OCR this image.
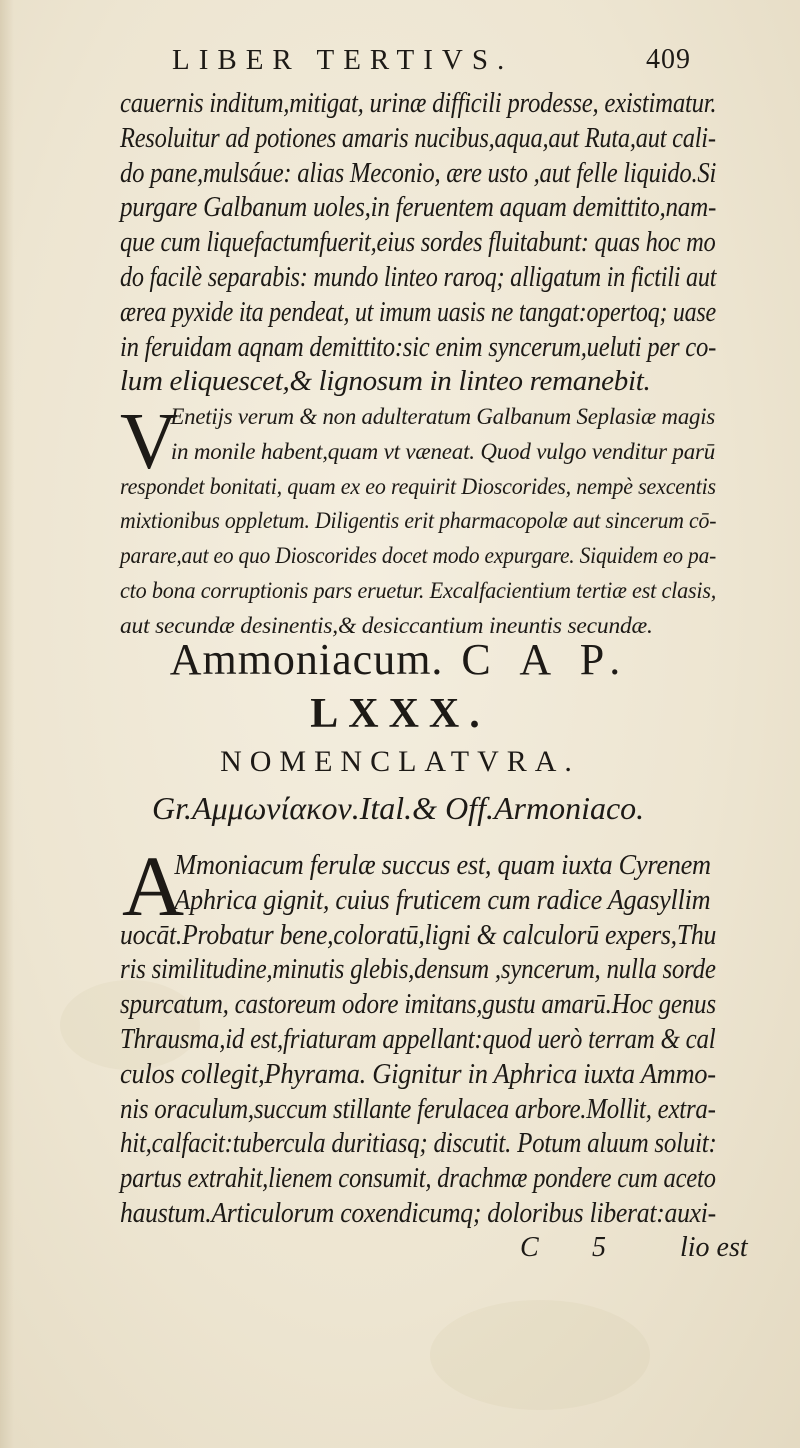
LIBER TERTIVS.	409
cauernis inditum,mitigat, urinæ difficili prodesse, existimatur.
Resoluitur ad potiones amaris nucibus,aqua,aut Ruta,aut cali-
do pane,mulsáue: alias Meconio, ære ustо ,aut felle liquido.Si
purgare Galbanum uoles,in feruentem aquam demittito,nam-
que cum liquefactumfuerit,eius sordes fluitabunt: quas hoc mo
do facilè separabis: mundo linteo raroq; alligatum in fictili aut
ærea pyxide ita pendeat, ut imum uasis ne tangat:opertoq; uase
in feruidam aqnam demittito:sic enim syncerum,ueluti per co-
lum eliquescet,& lignosum in linteo remanebit.
V
Enetijs verum & non adulteratum Galbanum Seplasiæ magis
in monile habent,quam vt væneat. Quod vulgo venditur parū
respondet bonitati, quam ex eo requirit Dioscorides, nempè sexcentis
mixtionibus oppletum. Diligentis erit pharmacopolæ aut sincerum cō-
parare,aut eo quo Dioscorides docet modo expurgare. Siquidem eo pa-
cto bona corruptionis pars eruetur. Excalfacientium tertiæ est clasis,
aut secundæ desinentis,& desiccantium ineuntis secundæ.
Ammoniacum. C A P.
LXXX.
NOMENCLATVRA.
Gr.Αμμωνίακον.Ital.& Off.Armoniaco.
A
Mmoniacum ferulæ succus est, quam iuxta Cyrenem
Aphrica gignit, cuius fruticem cum radice Agasyllim
uocāt.Probatur bene,coloratū,ligni & calculorū expers,Thu
ris similitudine,minutis glebis,densum ,syncerum, nulla sorde
spurcatum, castoreum odore imitans,gustu amarū.Hoc genus
Thrausma,id est,friaturam appellant:quod uerò terram & cal
culos collegit,Phyrama. Gignitur in Aphrica iuxta Ammo-
nis oraculum,succum stillante ferulacea arbore.Mollit, extra-
hit,calfacit:tubercula duritiasq; discutit. Potum aluum soluit:
partus extrahit,lienem consumit, drachmæ pondere cum aceto
haustum.Articulorum coxendicumq; doloribus liberat:auxi-
C 5	lio est
